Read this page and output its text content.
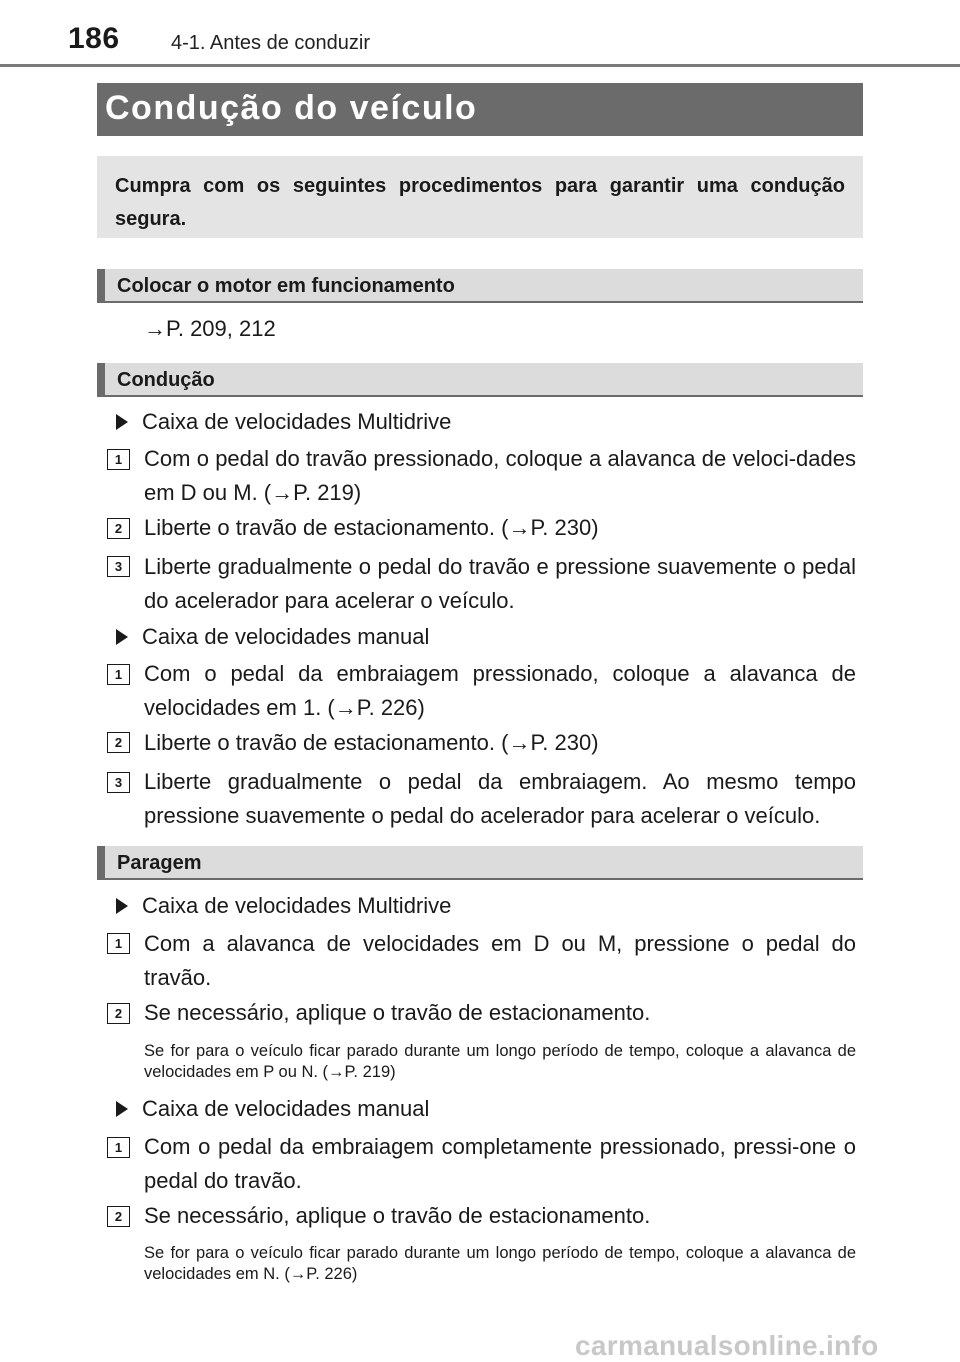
186	4-1. Antes de conduzir
Condução do veículo

Cumpra com os seguintes procedimentos para garantir uma condução segura.

Colocar o motor em funcionamento
→P. 209, 212
Condução
Caixa de velocidades Multidrive
1 Com o pedal do travão pressionado, coloque a alavanca de veloci-dades em D ou M. (→P. 219)
2 Liberte o travão de estacionamento. (→P. 230)
3 Liberte gradualmente o pedal do travão e pressione suavemente o pedal do acelerador para acelerar o veículo.
Caixa de velocidades manual
1 Com o pedal da embraiagem pressionado, coloque a alavanca de velocidades em 1. (→P. 226)
2 Liberte o travão de estacionamento. (→P. 230)
3 Liberte gradualmente o pedal da embraiagem. Ao mesmo tempo pressione suavemente o pedal do acelerador para acelerar o veículo.
Paragem
Caixa de velocidades Multidrive
1 Com a alavanca de velocidades em D ou M, pressione o pedal do travão.
2 Se necessário, aplique o travão de estacionamento.
Se for para o veículo ficar parado durante um longo período de tempo, coloque a alavanca de velocidades em P ou N. (→P. 219)
Caixa de velocidades manual
1 Com o pedal da embraiagem completamente pressionado, pressi-one o pedal do travão.
2 Se necessário, aplique o travão de estacionamento.
Se for para o veículo ficar parado durante um longo período de tempo, coloque a alavanca de velocidades em N. (→P. 226)
carmanualsonline.info
